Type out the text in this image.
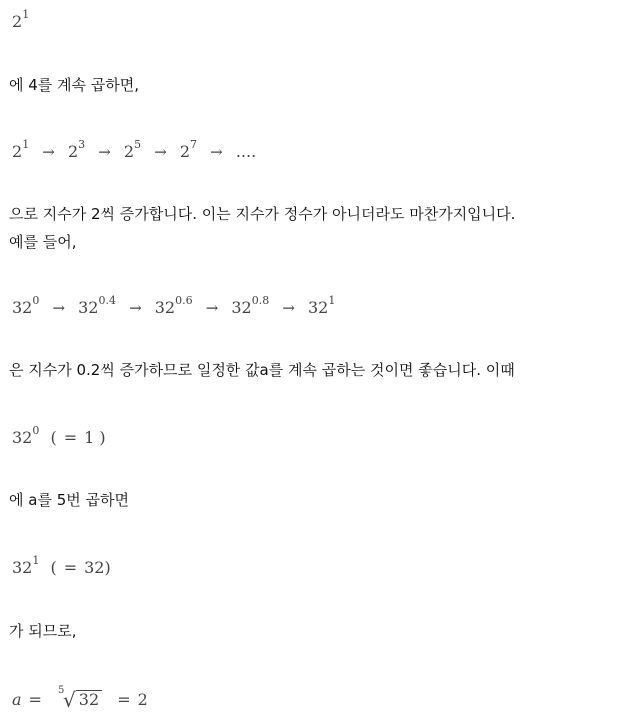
$2^1$
에 4를 계속 곱하면,
$2^1 \to 2^3 \to 2^5 \to 2^7$ → ....
으로 지수가 2씩 증가합니다. 이는 지수가 정수가 아니더라도 마찬가지입니다.
예를 들어,
$32^0 \to 32^{0.4} \to 32^{0.6} \to 32^{0.8} \to 32^1$
은 지수가 0.2씩 증가하므로 일정한 값a를 계속 곱하는 것이면 좋습니다. 이때
$32^0$ ( = 1 )
에 a를 5번 곱하면
$32^1$ ( = 32)
가 되므로,
a = 5
√ 32 = 2
